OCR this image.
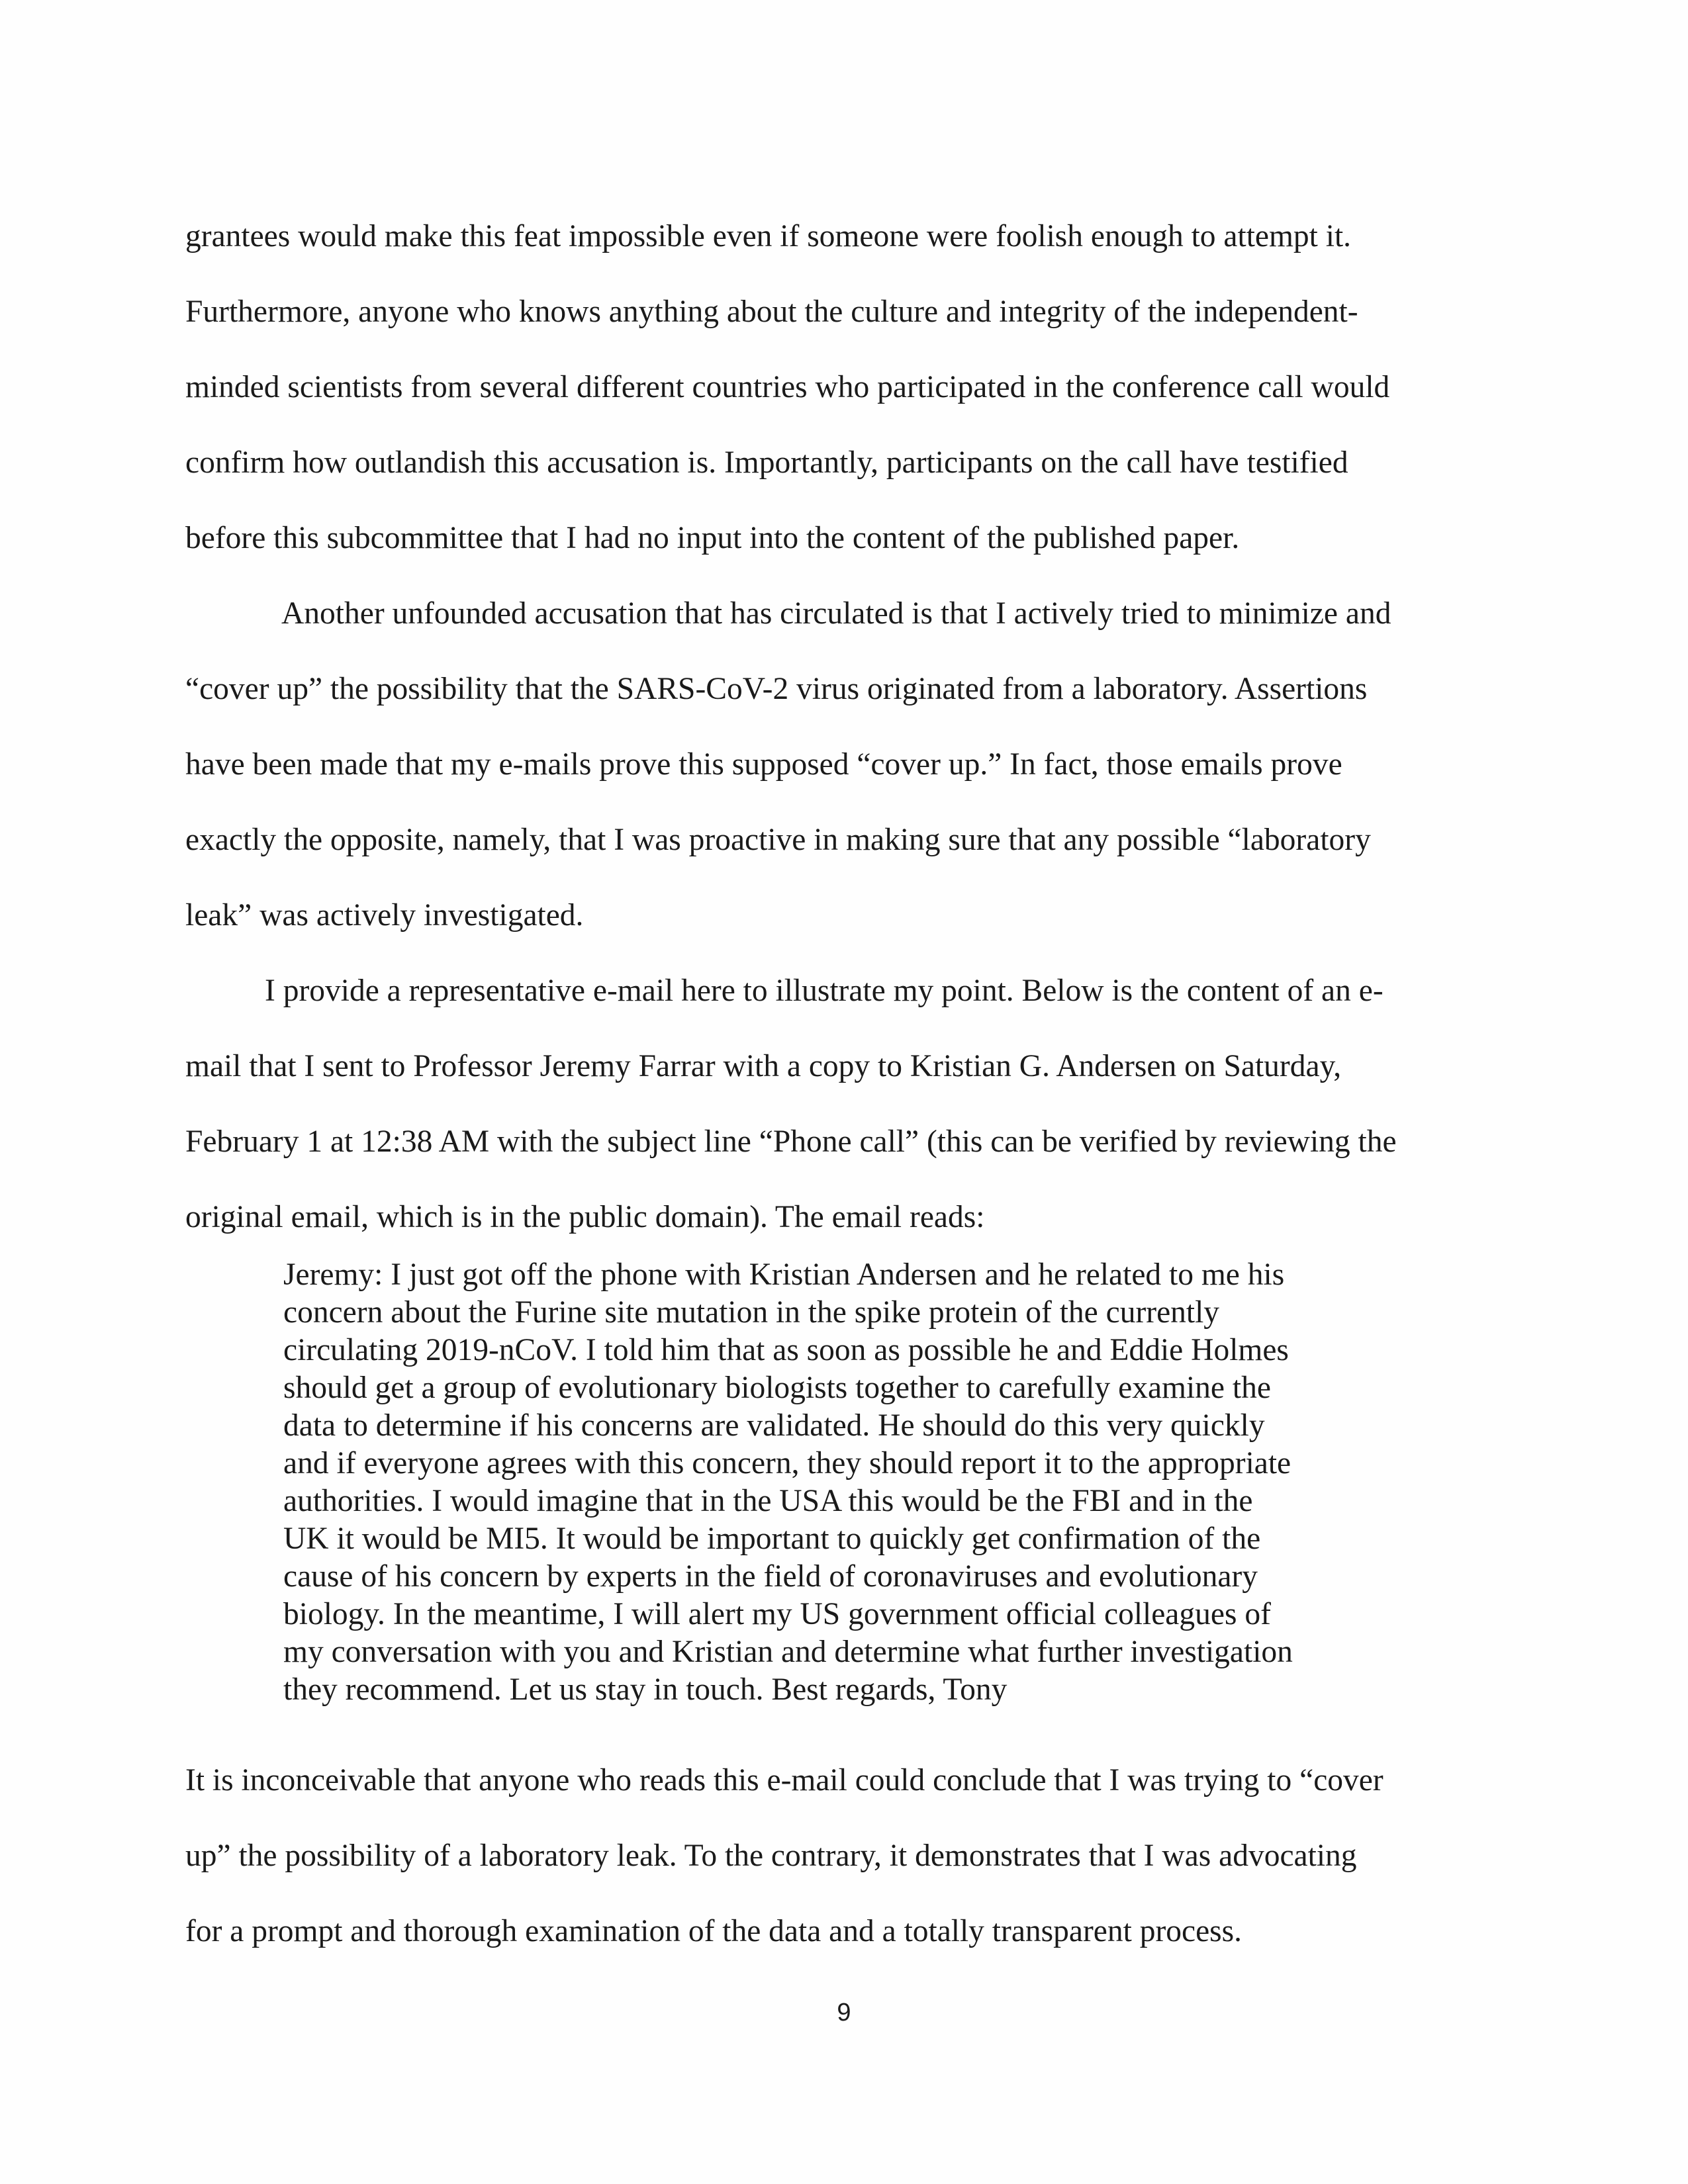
grantees would make this feat impossible even if someone were foolish enough to attempt it.

Furthermore, anyone who knows anything about the culture and integrity of the independent-

minded scientists from several different countries who participated in the conference call would

confirm how outlandish this accusation is. Importantly, participants on the call have testified

before this subcommittee that I had no input into the content of the published paper.

Another unfounded accusation that has circulated is that I actively tried to minimize and

“cover up” the possibility that the SARS-CoV-2 virus originated from a laboratory. Assertions

have been made that my e-mails prove this supposed “cover up.” In fact, those emails prove

exactly the opposite, namely, that I was proactive in making sure that any possible “laboratory

leak” was actively investigated.

I provide a representative e-mail here to illustrate my point. Below is the content of an e-

mail that I sent to Professor Jeremy Farrar with a copy to Kristian G. Andersen on Saturday,

February 1 at 12:38 AM with the subject line “Phone call” (this can be verified by reviewing the

original email, which is in the public domain). The email reads:

Jeremy: I just got off the phone with Kristian Andersen and he related to me his

concern about the Furine site mutation in the spike protein of the currently

circulating 2019-nCoV. I told him that as soon as possible he and Eddie Holmes

should get a group of evolutionary biologists together to carefully examine the

data to determine if his concerns are validated. He should do this very quickly

and if everyone agrees with this concern, they should report it to the appropriate

authorities. I would imagine that in the USA this would be the FBI and in the

UK it would be MI5. It would be important to quickly get confirmation of the

cause of his concern by experts in the field of coronaviruses and evolutionary

biology. In the meantime, I will alert my US government official colleagues of

my conversation with you and Kristian and determine what further investigation

they recommend. Let us stay in touch. Best regards, Tony

It is inconceivable that anyone who reads this e-mail could conclude that I was trying to “cover

up” the possibility of a laboratory leak. To the contrary, it demonstrates that I was advocating

for a prompt and thorough examination of the data and a totally transparent process.

9
